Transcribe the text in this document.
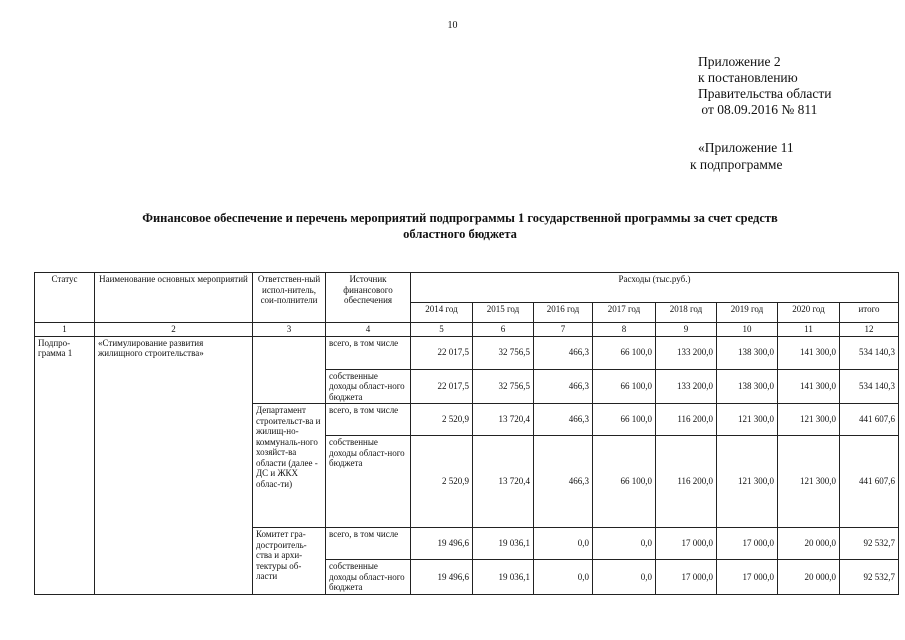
10
Приложение 2
к постановлению
Правительства области
от 08.09.2016 № 811
«Приложение 11
к подпрограмме
Финансовое обеспечение и перечень мероприятий подпрограммы 1 государственной программы за счет средств
областного бюджета
Статус	Наименование основных мероприятий	Ответствен-ный испол-нитель, сои-полнители	Источник финансового обеспечения	Расходы (тыс.руб.)							
				2014 год	2015 год	2016 год	2017 год	2018 год	2019 год	2020 год	итого
1	2	3	4	5	6	7	8	9	10	11	12
Подпро-грамма 1	«Стимулирование развития жилищного строительства»		всего, в том числе	22 017,5	32 756,5	466,3	66 100,0	133 200,0	138 300,0	141 300,0	534 140,3
			собственные доходы област-ного бюджета	22 017,5	32 756,5	466,3	66 100,0	133 200,0	138 300,0	141 300,0	534 140,3
		Департамент строительст-ва и жилищ-но-коммуналь-ного хозяйст-ва области (далее - ДС и ЖКХ облас-ти)	всего, в том числе	2 520,9	13 720,4	466,3	66 100,0	116 200,0	121 300,0	121 300,0	441 607,6
			собственные доходы област-ного бюджета	2 520,9	13 720,4	466,3	66 100,0	116 200,0	121 300,0	121 300,0	441 607,6
		Комитет гра-достроитель-ства и архи-тектуры об-ласти	всего, в том числе	19 496,6	19 036,1	0,0	0,0	17 000,0	17 000,0	20 000,0	92 532,7
			собственные доходы област-ного бюджета	19 496,6	19 036,1	0,0	0,0	17 000,0	17 000,0	20 000,0	92 532,7
